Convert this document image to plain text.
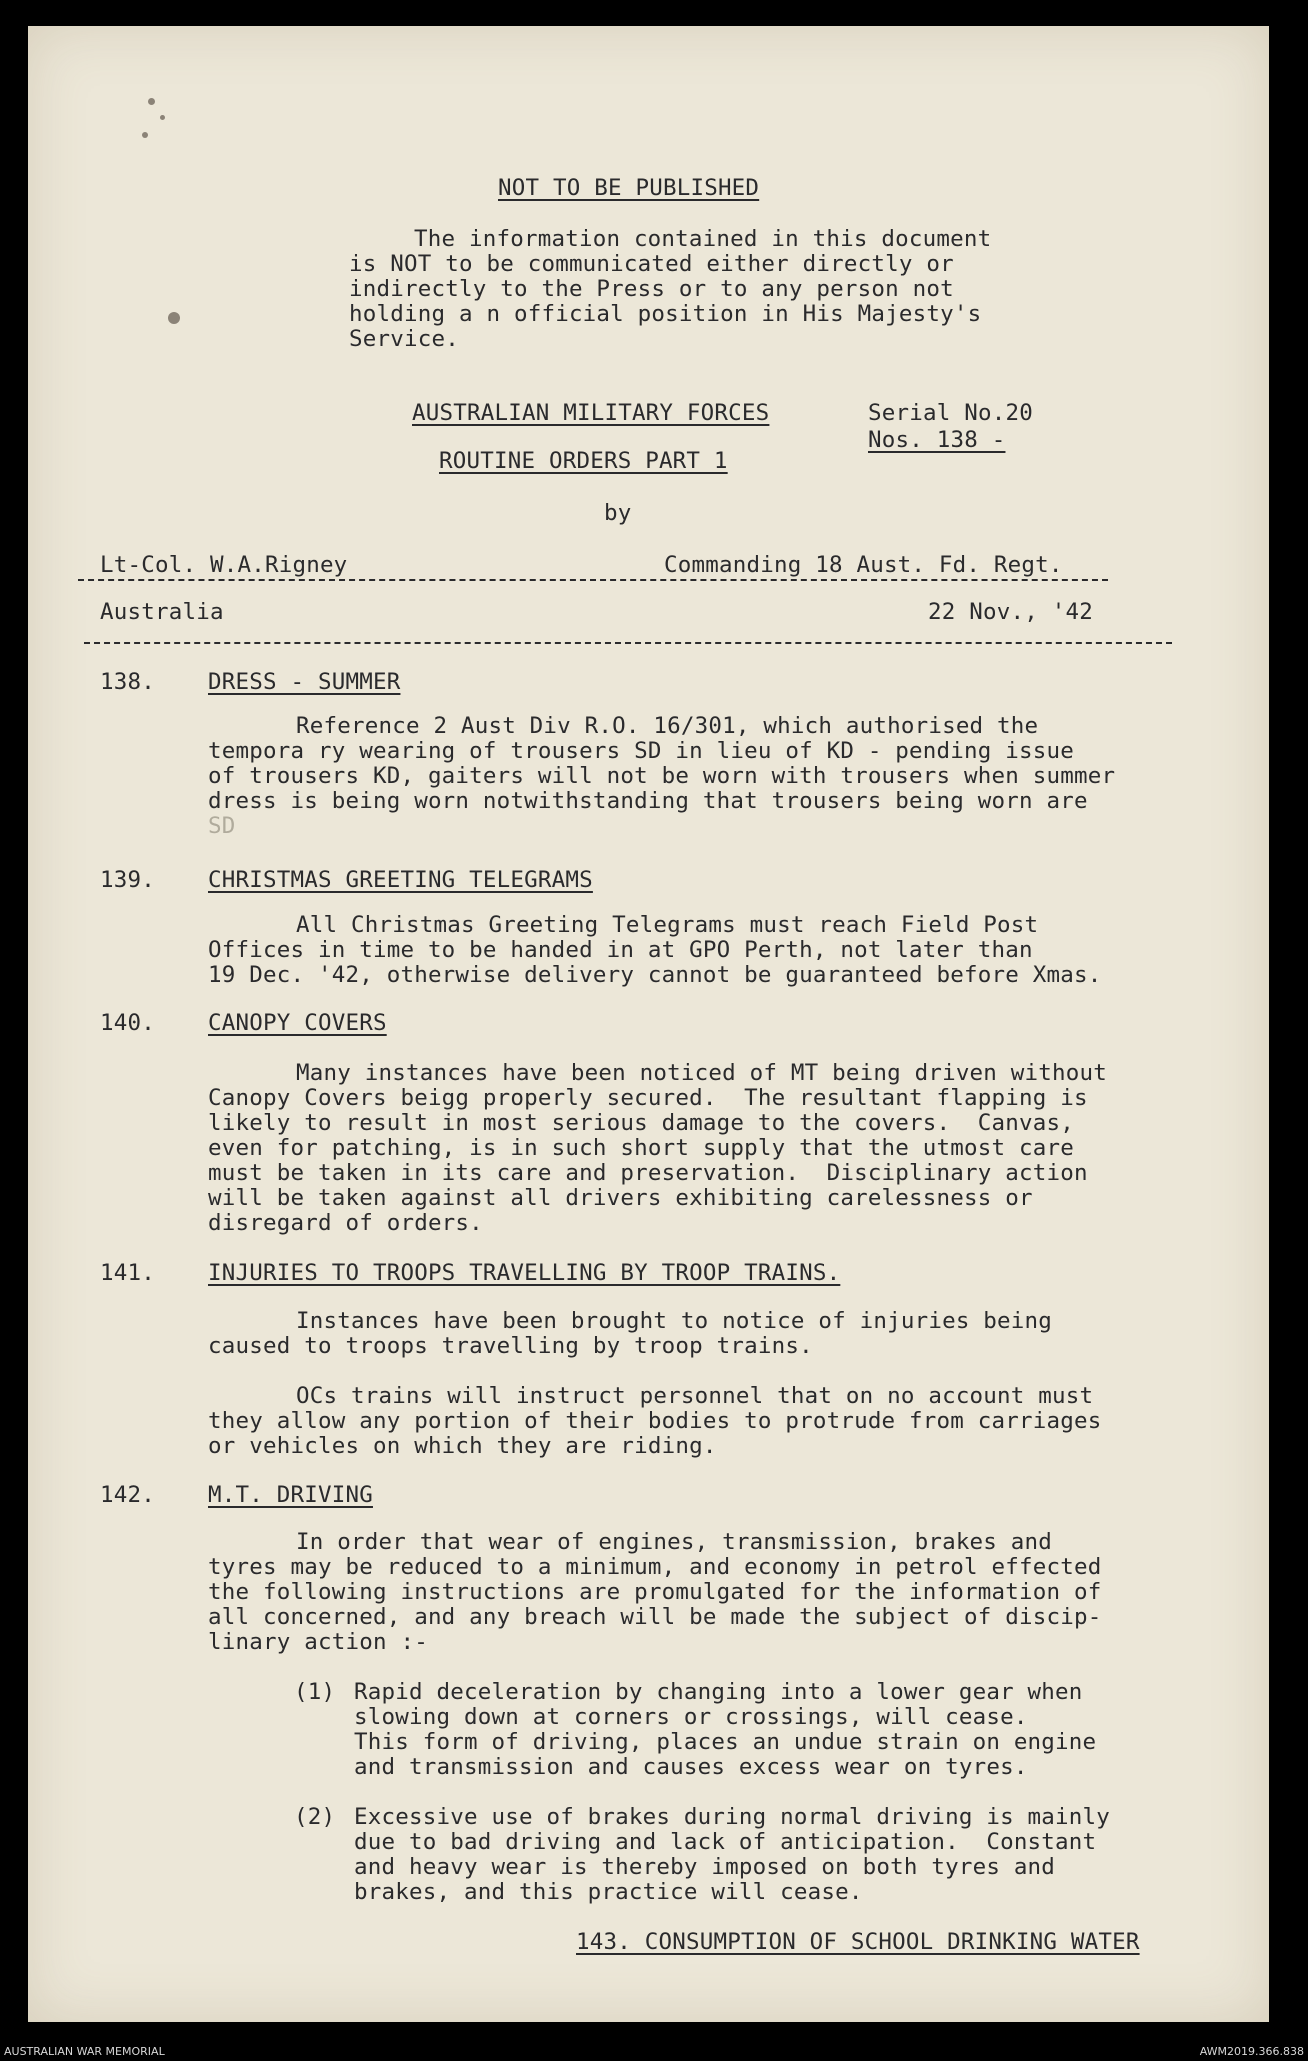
NOT TO BE PUBLISHED
The information contained in this document
is NOT to be communicated either directly or
indirectly to the Press or to any person not
holding a n official position in His Majesty's
Service.
AUSTRALIAN MILITARY FORCES	Serial No.20
Nos. 138 -
ROUTINE ORDERS PART 1
by
Lt-Col. W.A.Rigney	Commanding 18 Aust. Fd. Regt.
Australia	22 Nov., '42
138. DRESS - SUMMER
Reference 2 Aust Div R.O. 16/301, which authorised the
tempora ry wearing of trousers SD in lieu of KD - pending issue
of trousers KD, gaiters will not be worn with trousers when summer
dress is being worn notwithstanding that trousers being worn are
SD
139. CHRISTMAS GREETING TELEGRAMS
All Christmas Greeting Telegrams must reach Field Post
Offices in time to be handed in at GPO Perth, not later than
19 Dec. '42, otherwise delivery cannot be guaranteed before Xmas.
140. CANOPY COVERS
Many instances have been noticed of MT being driven without
Canopy Covers beigg properly secured.  The resultant flapping is
likely to result in most serious damage to the covers.  Canvas,
even for patching, is in such short supply that the utmost care
must be taken in its care and preservation.  Disciplinary action
will be taken against all drivers exhibiting carelessness or
disregard of orders.
141. INJURIES TO TROOPS TRAVELLING BY TROOP TRAINS.
Instances have been brought to notice of injuries being
caused to troops travelling by troop trains.
OCs trains will instruct personnel that on no account must
they allow any portion of their bodies to protrude from carriages
or vehicles on which they are riding.
142. M.T. DRIVING
In order that wear of engines, transmission, brakes and
tyres may be reduced to a minimum, and economy in petrol effected
the following instructions are promulgated for the information of
all concerned, and any breach will be made the subject of discip-
linary action :-
(1) Rapid deceleration by changing into a lower gear when
slowing down at corners or crossings, will cease.
This form of driving, places an undue strain on engine
and transmission and causes excess wear on tyres.
(2) Excessive use of brakes during normal driving is mainly
due to bad driving and lack of anticipation.  Constant
and heavy wear is thereby imposed on both tyres and
brakes, and this practice will cease.
143. CONSUMPTION OF SCHOOL DRINKING WATER
AUSTRALIAN WAR MEMORIAL	AWM2019.366.838
